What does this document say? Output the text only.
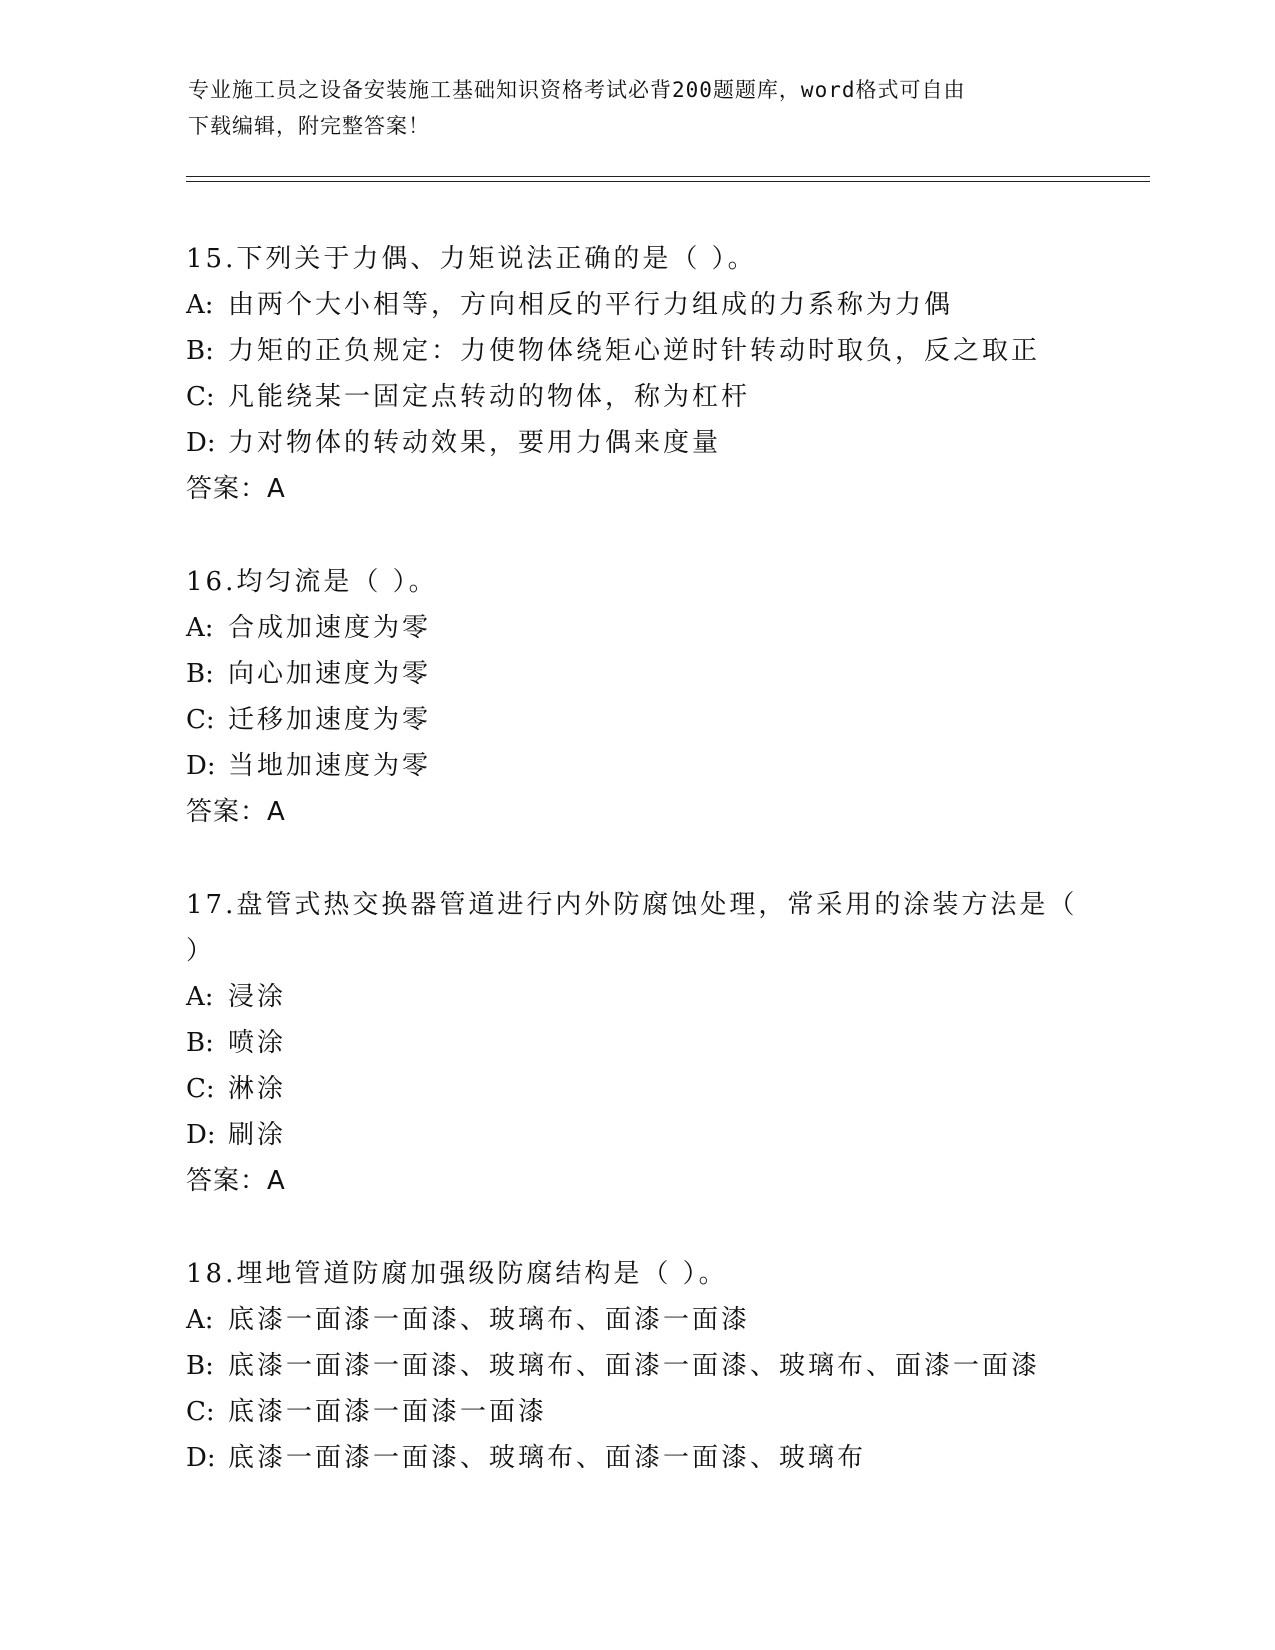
专业施工员之设备安装施工基础知识资格考试必背200题题库，word格式可自由
下载编辑，附完整答案！
15.下列关于力偶、力矩说法正确的是（ ）。
A: 由两个大小相等，方向相反的平行力组成的力系称为力偶
B: 力矩的正负规定：力使物体绕矩心逆时针转动时取负，反之取正
C: 凡能绕某一固定点转动的物体，称为杠杆
D: 力对物体的转动效果，要用力偶来度量
答案：A
16.均匀流是（ ）。
A: 合成加速度为零
B: 向心加速度为零
C: 迁移加速度为零
D: 当地加速度为零
答案：A
17.盘管式热交换器管道进行内外防腐蚀处理，常采用的涂装方法是（
）
A: 浸涂
B: 喷涂
C: 淋涂
D: 刷涂
答案：A
18.埋地管道防腐加强级防腐结构是（ ）。
A: 底漆一面漆一面漆、玻璃布、面漆一面漆
B: 底漆一面漆一面漆、玻璃布、面漆一面漆、玻璃布、面漆一面漆
C: 底漆一面漆一面漆一面漆
D: 底漆一面漆一面漆、玻璃布、面漆一面漆、玻璃布
